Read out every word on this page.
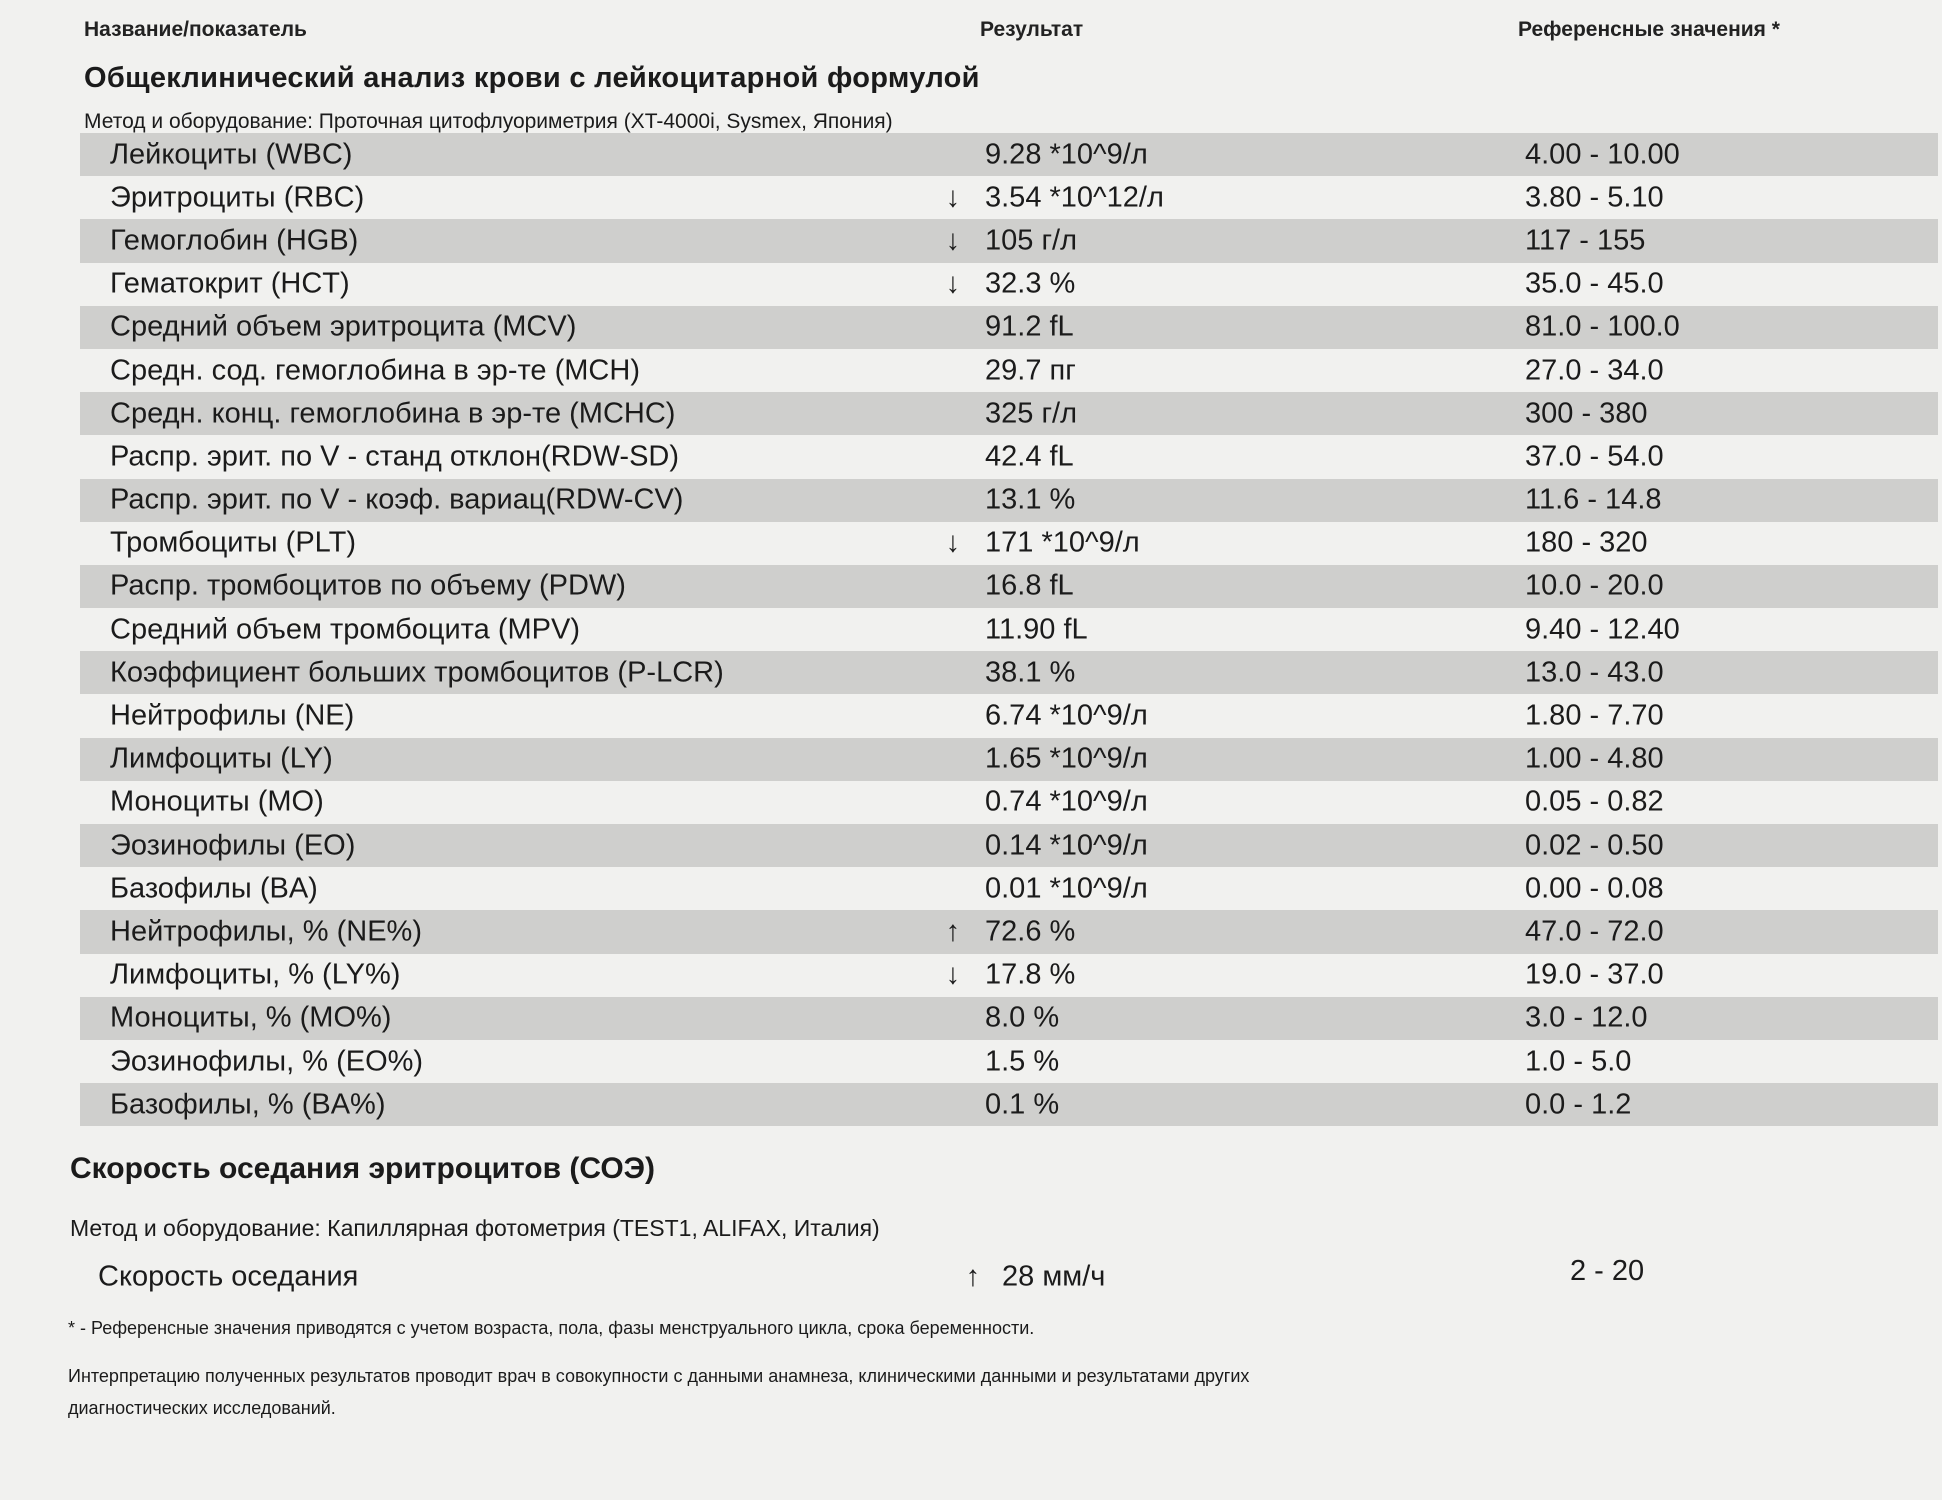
Название/показатель	Результат	Референсные значения *
Общеклинический анализ крови с лейкоцитарной формулой
Метод и оборудование: Проточная цитофлуориметрия (XT-4000i, Sysmex, Япония)
Лейкоциты (WBC)	9.28 *10^9/л	4.00 - 10.00
Эритроциты (RBC)	↓ 3.54 *10^12/л	3.80 - 5.10
Гемоглобин (HGB)	↓ 105 г/л	117 - 155
Гематокрит (HCT)	↓ 32.3 %	35.0 - 45.0
Средний объем эритроцита (MCV)	91.2 fL	81.0 - 100.0
Средн. сод. гемоглобина в эр-те (MCH)	29.7 пг	27.0 - 34.0
Средн. конц. гемоглобина в эр-те (MCHC)	325 г/л	300 - 380
Распр. эрит. по V - станд отклон(RDW-SD)	42.4 fL	37.0 - 54.0
Распр. эрит. по V - коэф. вариац(RDW-CV)	13.1 %	11.6 - 14.8
Тромбоциты (PLT)	↓ 171 *10^9/л	180 - 320
Распр. тромбоцитов по объему (PDW)	16.8 fL	10.0 - 20.0
Средний объем тромбоцита (MPV)	11.90 fL	9.40 - 12.40
Коэффициент больших тромбоцитов (P-LCR)	38.1 %	13.0 - 43.0
Нейтрофилы (NE)	6.74 *10^9/л	1.80 - 7.70
Лимфоциты (LY)	1.65 *10^9/л	1.00 - 4.80
Моноциты (MO)	0.74 *10^9/л	0.05 - 0.82
Эозинофилы (EO)	0.14 *10^9/л	0.02 - 0.50
Базофилы (BA)	0.01 *10^9/л	0.00 - 0.08
Нейтрофилы, % (NE%)	↑ 72.6 %	47.0 - 72.0
Лимфоциты, % (LY%)	↓ 17.8 %	19.0 - 37.0
Моноциты, % (MO%)	8.0 %	3.0 - 12.0
Эозинофилы, % (EO%)	1.5 %	1.0 - 5.0
Базофилы, % (BA%)	0.1 %	0.0 - 1.2
Скорость оседания эритроцитов (СОЭ)
Метод и оборудование: Капиллярная фотометрия (TEST1, ALIFAX, Италия)
Скорость оседания	↑ 28 мм/ч	2 - 20
* - Референсные значения приводятся с учетом возраста, пола, фазы менструального цикла, срока беременности.
Интерпретацию полученных результатов проводит врач в совокупности с данными анамнеза, клиническими данными и результатами других
диагностических исследований.
